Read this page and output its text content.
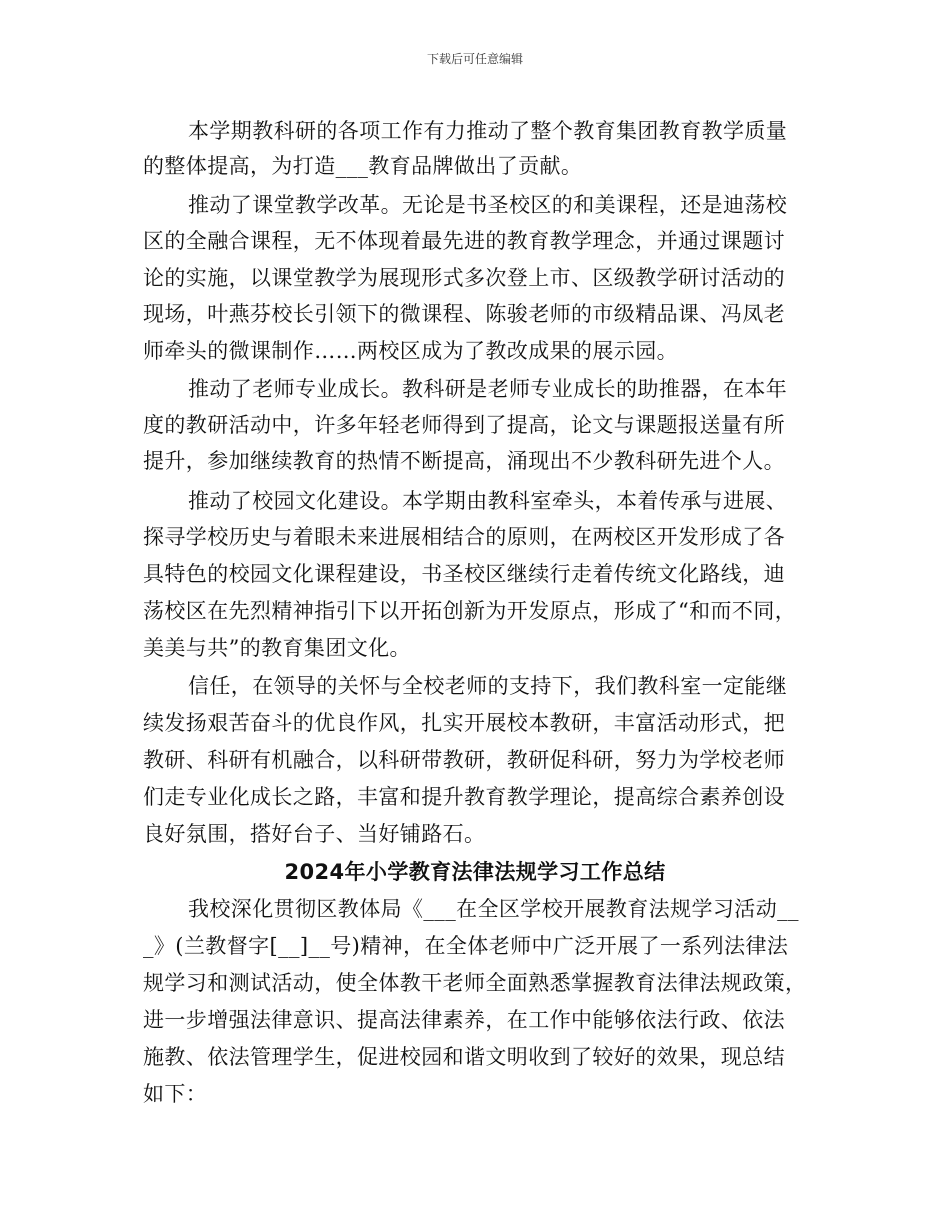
下载后可任意编辑
本学期教科研的各项工作有力推动了整个教育集团教育教学质量
的整体提高，为打造___教育品牌做出了贡献。
推动了课堂教学改革。无论是书圣校区的和美课程，还是迪荡校
区的全融合课程，无不体现着最先进的教育教学理念，并通过课题讨
论的实施，以课堂教学为展现形式多次登上市、区级教学研讨活动的
现场，叶燕芬校长引领下的微课程、陈骏老师的市级精品课、冯凤老
师牵头的微课制作……两校区成为了教改成果的展示园。
推动了老师专业成长。教科研是老师专业成长的助推器，在本年
度的教研活动中，许多年轻老师得到了提高，论文与课题报送量有所
提升，参加继续教育的热情不断提高，涌现出不少教科研先进个人。
推动了校园文化建设。本学期由教科室牵头，本着传承与进展、
探寻学校历史与着眼未来进展相结合的原则，在两校区开发形成了各
具特色的校园文化课程建设，书圣校区继续行走着传统文化路线，迪
荡校区在先烈精神指引下以开拓创新为开发原点，形成了“和而不同，
美美与共”的教育集团文化。
信任，在领导的关怀与全校老师的支持下，我们教科室一定能继
续发扬艰苦奋斗的优良作风，扎实开展校本教研，丰富活动形式，把
教研、科研有机融合，以科研带教研，教研促科研，努力为学校老师
们走专业化成长之路，丰富和提升教育教学理论，提高综合素养创设
良好氛围，搭好台子、当好铺路石。
2024年小学教育法律法规学习工作总结
我校深化贯彻区教体局《___在全区学校开展教育法规学习活动__
_》(兰教督字[__]__号)精神，在全体老师中广泛开展了一系列法律法
规学习和测试活动，使全体教干老师全面熟悉掌握教育法律法规政策，
进一步增强法律意识、提高法律素养，在工作中能够依法行政、依法
施教、依法管理学生，促进校园和谐文明收到了较好的效果，现总结
如下：
